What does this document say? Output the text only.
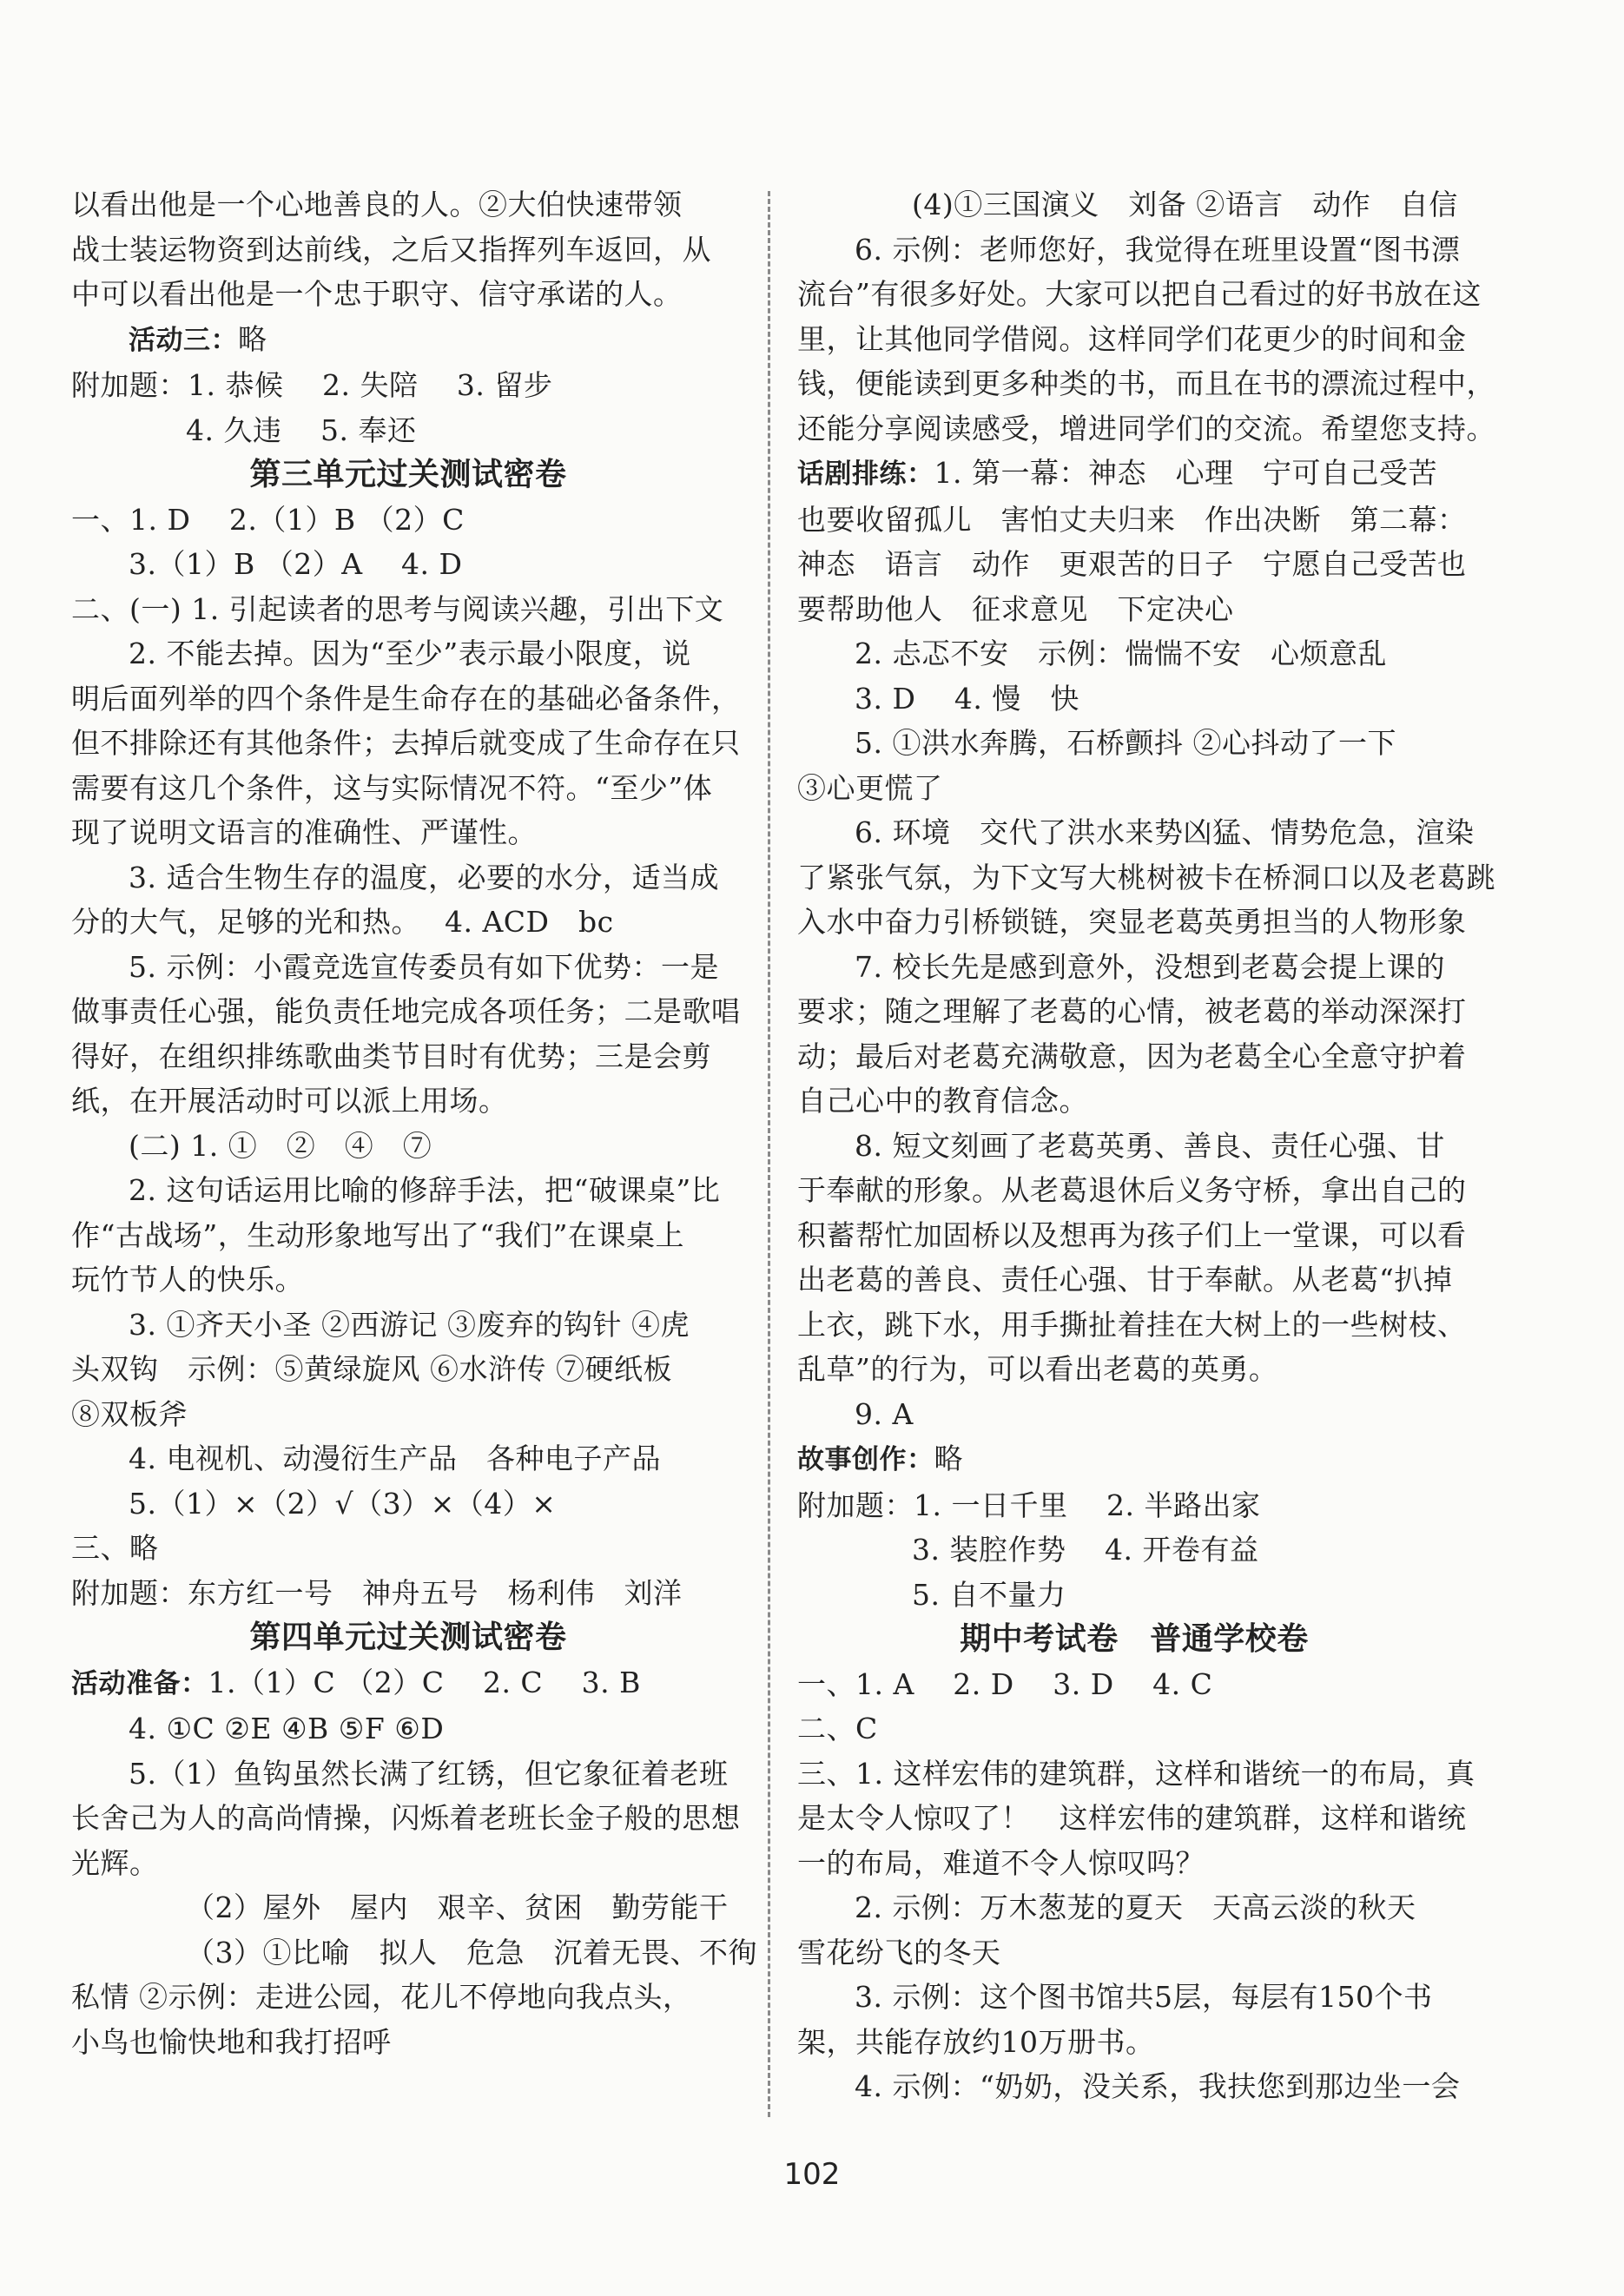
以看出他是一个心地善良的人。②大伯快速带领
战士装运物资到达前线，之后又指挥列车返回，从
中可以看出他是一个忠于职守、信守承诺的人。
活动三：略
附加题：1. 恭候　 2. 失陪　 3. 留步
4. 久违　 5. 奉还
第三单元过关测试密卷
一、1. D　 2.（1）B （2）C
3.（1）B （2）A　 4. D
二、(一) 1. 引起读者的思考与阅读兴趣，引出下文
2. 不能去掉。因为“至少”表示最小限度，说
明后面列举的四个条件是生命存在的基础必备条件，
但不排除还有其他条件；去掉后就变成了生命存在只
需要有这几个条件，这与实际情况不符。“至少”体
现了说明文语言的准确性、严谨性。
3. 适合生物生存的温度，必要的水分，适当成
分的大气，足够的光和热。　 4. ACD　bc
5. 示例：小霞竞选宣传委员有如下优势：一是
做事责任心强，能负责任地完成各项任务；二是歌唱
得好，在组织排练歌曲类节目时有优势；三是会剪
纸，在开展活动时可以派上用场。
(二) 1. ①　②　④　⑦
2. 这句话运用比喻的修辞手法，把“破课桌”比
作“古战场”，生动形象地写出了“我们”在课桌上
玩竹节人的快乐。
3. ①齐天小圣 ②西游记 ③废弃的钩针 ④虎
头双钩　示例：⑤黄绿旋风 ⑥水浒传 ⑦硬纸板
⑧双板斧
4. 电视机、动漫衍生产品　各种电子产品
5.（1）×（2）√（3）×（4）×
三、略
附加题：东方红一号　神舟五号　杨利伟　刘洋
第四单元过关测试密卷
活动准备：1.（1）C （2）C　 2. C　 3. B
4. ①C ②E ④B ⑤F ⑥D
5.（1）鱼钩虽然长满了红锈，但它象征着老班
长舍己为人的高尚情操，闪烁着老班长金子般的思想
光辉。
（2）屋外　屋内　艰辛、贫困　勤劳能干
（3）①比喻　拟人　危急　沉着无畏、不徇
私情 ②示例：走进公园，花儿不停地向我点头，
小鸟也愉快地和我打招呼
(4)①三国演义　刘备 ②语言　动作　自信
6. 示例：老师您好，我觉得在班里设置“图书漂
流台”有很多好处。大家可以把自己看过的好书放在这
里，让其他同学借阅。这样同学们花更少的时间和金
钱，便能读到更多种类的书，而且在书的漂流过程中，
还能分享阅读感受，增进同学们的交流。希望您支持。
话剧排练：1. 第一幕：神态　心理　宁可自己受苦
也要收留孤儿　害怕丈夫归来　作出决断　第二幕：
神态　语言　动作　更艰苦的日子　宁愿自己受苦也
要帮助他人　征求意见　下定决心
2. 忐忑不安　示例：惴惴不安　心烦意乱
3. D　 4. 慢　快
5. ①洪水奔腾，石桥颤抖 ②心抖动了一下
③心更慌了
6. 环境　交代了洪水来势凶猛、情势危急，渲染
了紧张气氛，为下文写大桃树被卡在桥洞口以及老葛跳
入水中奋力引桥锁链，突显老葛英勇担当的人物形象
7. 校长先是感到意外，没想到老葛会提上课的
要求；随之理解了老葛的心情，被老葛的举动深深打
动；最后对老葛充满敬意，因为老葛全心全意守护着
自己心中的教育信念。
8. 短文刻画了老葛英勇、善良、责任心强、甘
于奉献的形象。从老葛退休后义务守桥，拿出自己的
积蓄帮忙加固桥以及想再为孩子们上一堂课，可以看
出老葛的善良、责任心强、甘于奉献。从老葛“扒掉
上衣，跳下水，用手撕扯着挂在大树上的一些树枝、
乱草”的行为，可以看出老葛的英勇。
9. A
故事创作：略
附加题：1. 一日千里　 2. 半路出家
3. 装腔作势　 4. 开卷有益
5. 自不量力
期中考试卷　普通学校卷
一、1. A　 2. D　 3. D　 4. C
二、C
三、1. 这样宏伟的建筑群，这样和谐统一的布局，真
是太令人惊叹了！　这样宏伟的建筑群，这样和谐统
一的布局，难道不令人惊叹吗？
2. 示例：万木葱茏的夏天　天高云淡的秋天
雪花纷飞的冬天
3. 示例：这个图书馆共5层，每层有150个书
架，共能存放约10万册书。
4. 示例：“奶奶，没关系，我扶您到那边坐一会
102
